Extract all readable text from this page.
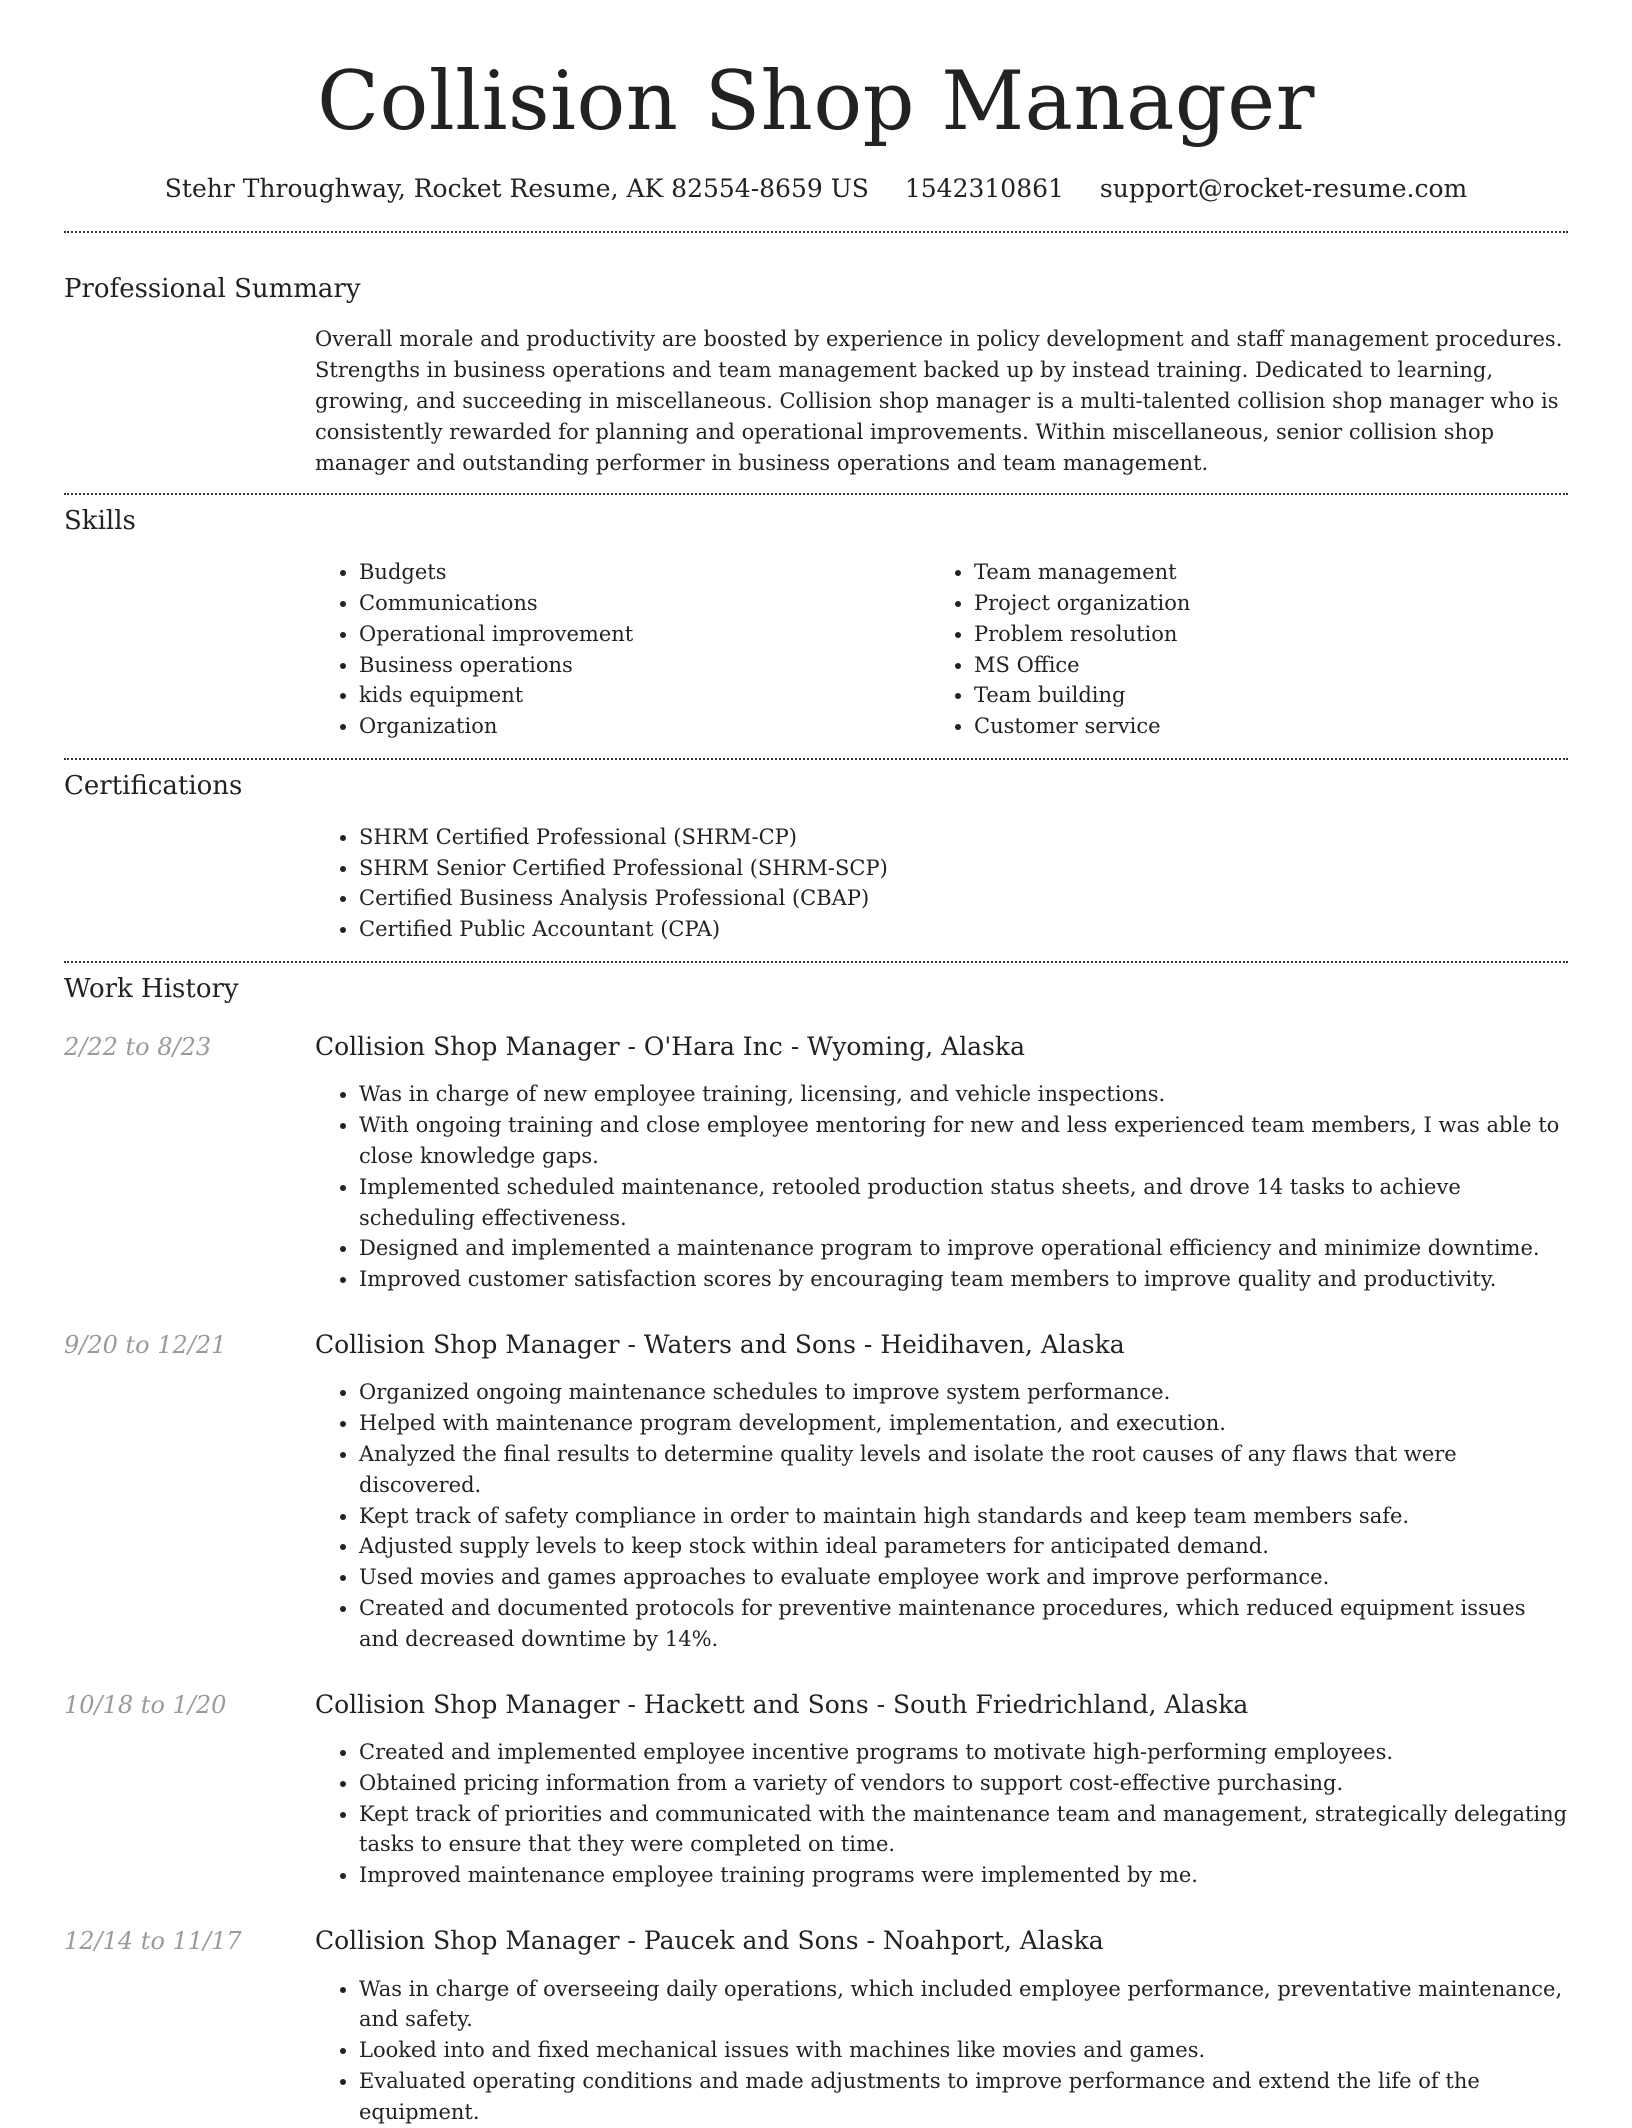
Collision Shop Manager
Stehr Throughway, Rocket Resume, AK 82554-8659 US 1542310861 support@rocket-resume.com
Professional Summary
Overall morale and productivity are boosted by experience in policy development and staff management procedures. Strengths in business operations and team management backed up by instead training. Dedicated to learning, growing, and succeeding in miscellaneous. Collision shop manager is a multi-talented collision shop manager who is consistently rewarded for planning and operational improvements. Within miscellaneous, senior collision shop manager and outstanding performer in business operations and team management.
Skills
• Budgets
• Communications
• Operational improvement
• Business operations
• kids equipment
• Organization
• Team management
• Project organization
• Problem resolution
• MS Office
• Team building
• Customer service
Certifications
• SHRM Certified Professional (SHRM-CP)
• SHRM Senior Certified Professional (SHRM-SCP)
• Certified Business Analysis Professional (CBAP)
• Certified Public Accountant (CPA)
Work History
2/22 to 8/23	Collision Shop Manager - O'Hara Inc - Wyoming, Alaska
• Was in charge of new employee training, licensing, and vehicle inspections.
• With ongoing training and close employee mentoring for new and less experienced team members, I was able to close knowledge gaps.
• Implemented scheduled maintenance, retooled production status sheets, and drove 14 tasks to achieve scheduling effectiveness.
• Designed and implemented a maintenance program to improve operational efficiency and minimize downtime.
• Improved customer satisfaction scores by encouraging team members to improve quality and productivity.
9/20 to 12/21	Collision Shop Manager - Waters and Sons - Heidihaven, Alaska
• Organized ongoing maintenance schedules to improve system performance.
• Helped with maintenance program development, implementation, and execution.
• Analyzed the final results to determine quality levels and isolate the root causes of any flaws that were discovered.
• Kept track of safety compliance in order to maintain high standards and keep team members safe.
• Adjusted supply levels to keep stock within ideal parameters for anticipated demand.
• Used movies and games approaches to evaluate employee work and improve performance.
• Created and documented protocols for preventive maintenance procedures, which reduced equipment issues and decreased downtime by 14%.
10/18 to 1/20	Collision Shop Manager - Hackett and Sons - South Friedrichland, Alaska
• Created and implemented employee incentive programs to motivate high-performing employees.
• Obtained pricing information from a variety of vendors to support cost-effective purchasing.
• Kept track of priorities and communicated with the maintenance team and management, strategically delegating tasks to ensure that they were completed on time.
• Improved maintenance employee training programs were implemented by me.
12/14 to 11/17	Collision Shop Manager - Paucek and Sons - Noahport, Alaska
• Was in charge of overseeing daily operations, which included employee performance, preventative maintenance, and safety.
• Looked into and fixed mechanical issues with machines like movies and games.
• Evaluated operating conditions and made adjustments to improve performance and extend the life of the equipment.
